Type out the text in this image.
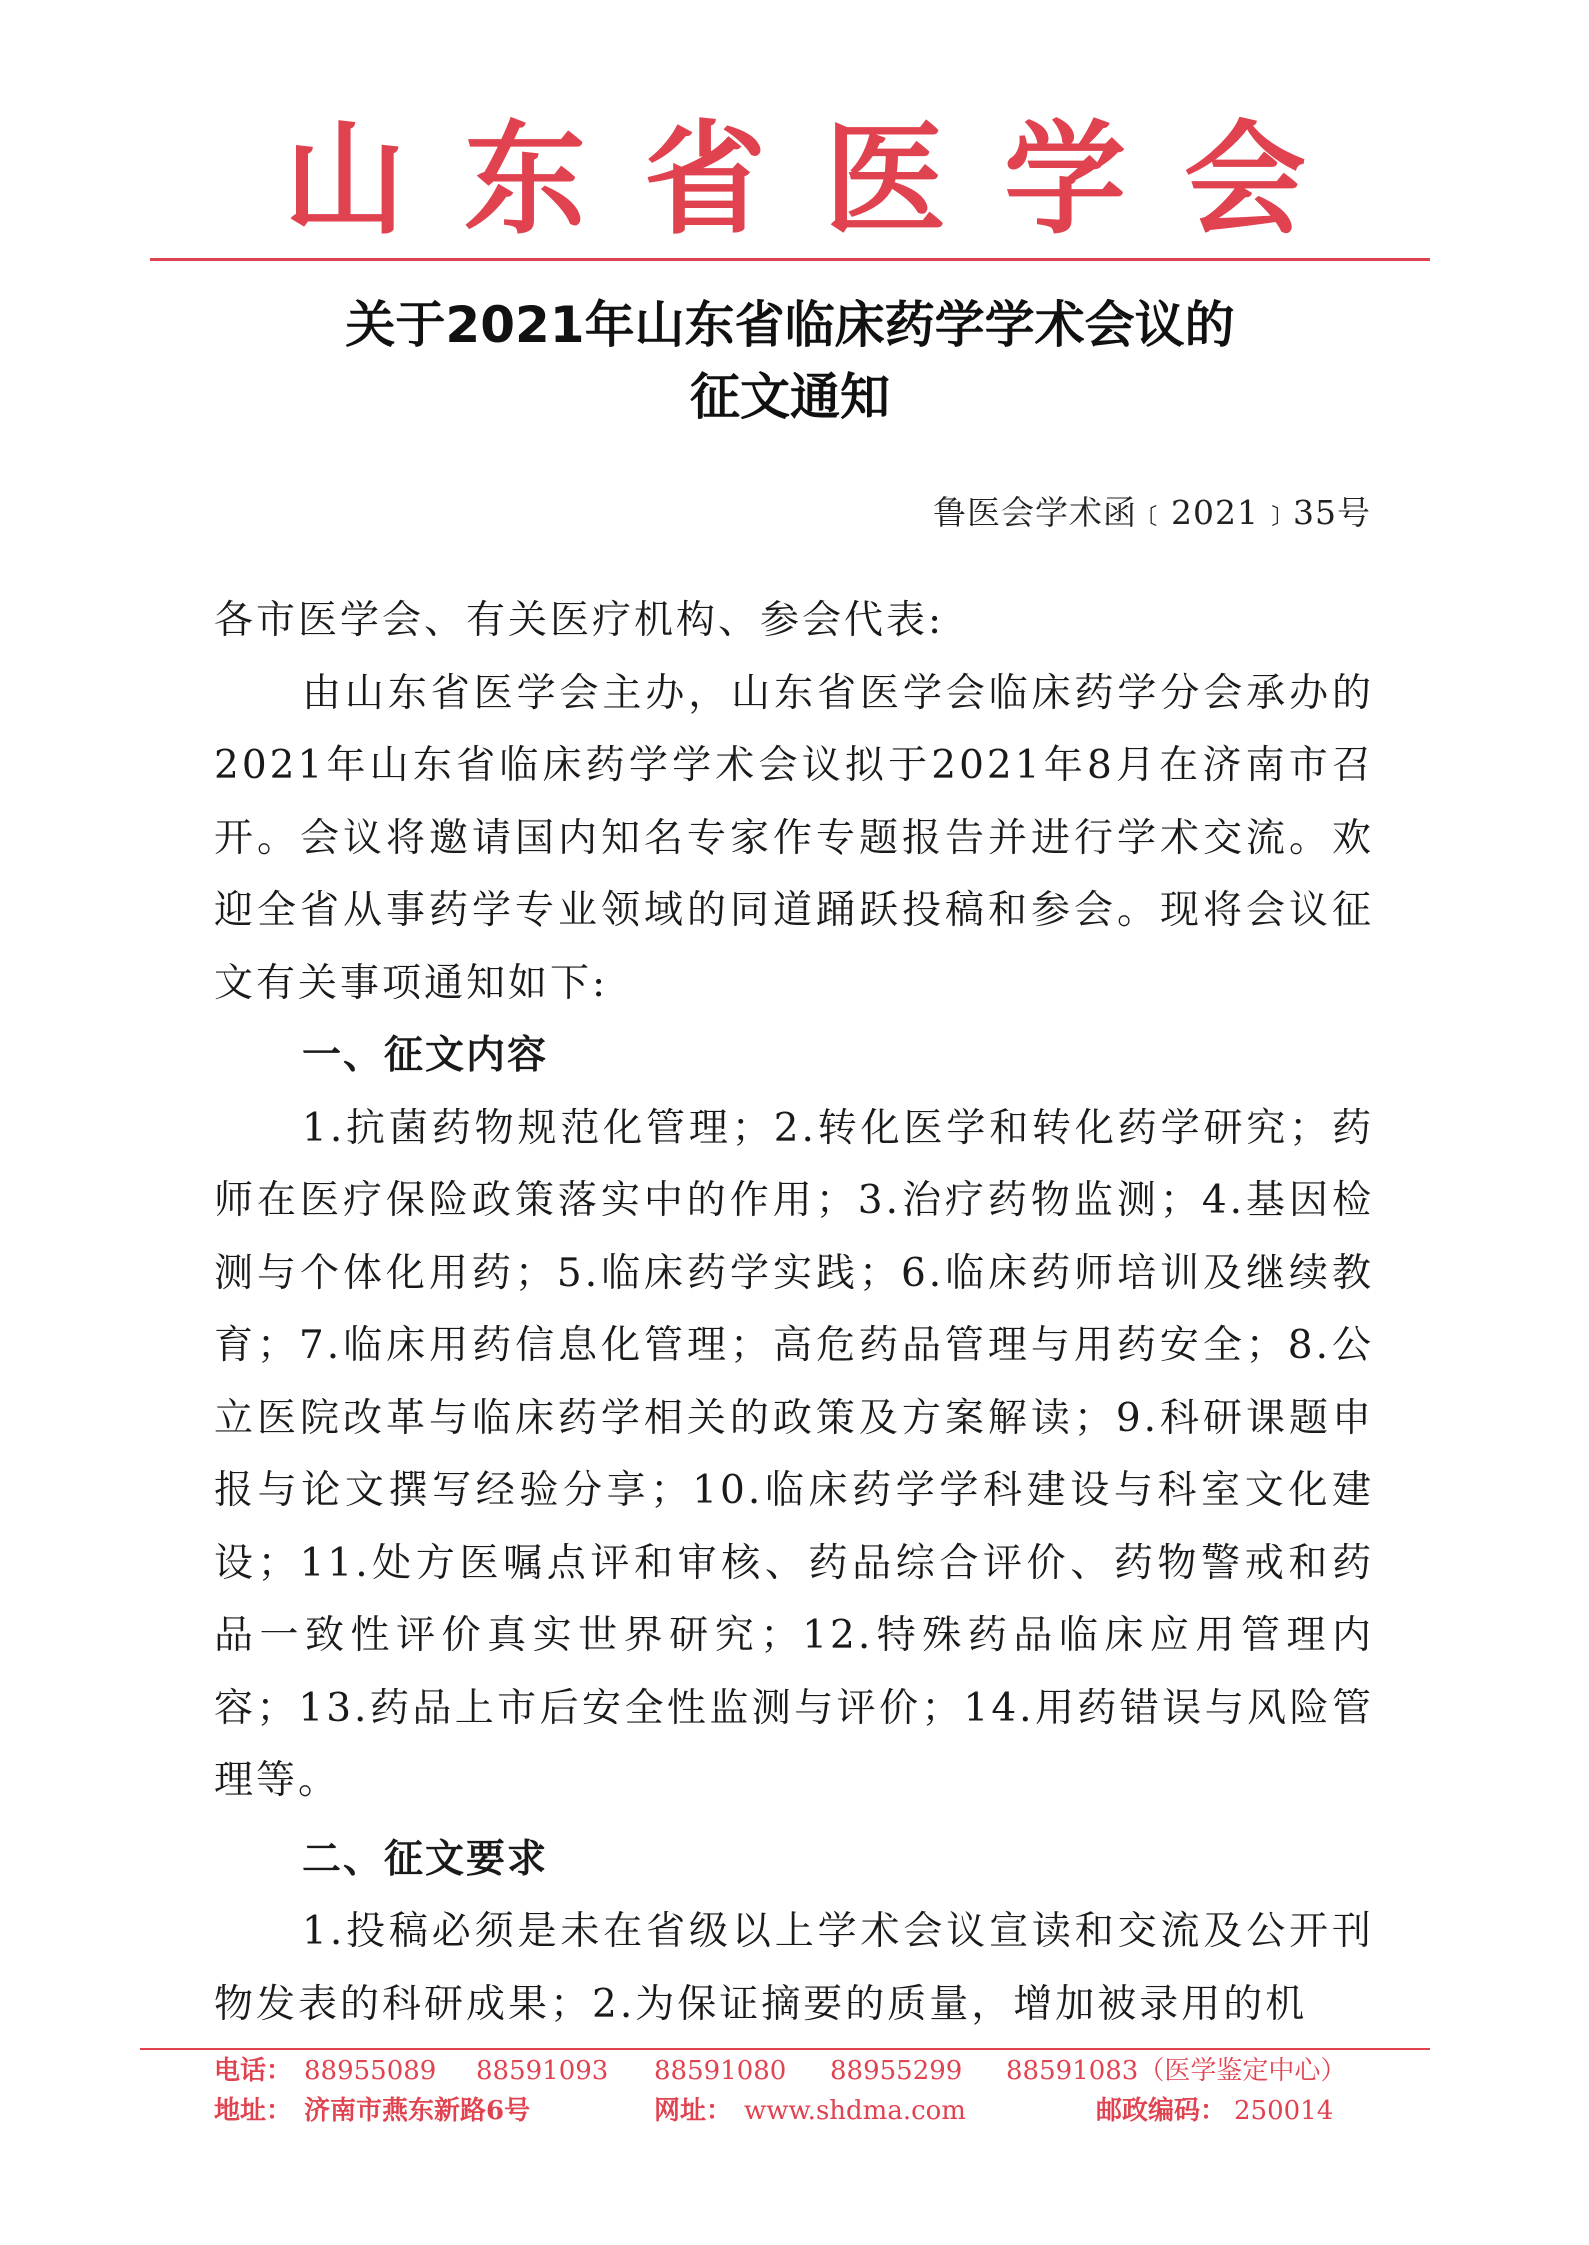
山东省医学会
关于2021年山东省临床药学学术会议的
征文通知
鲁医会学术函﹝2021﹞35号

各市医学会、有关医疗机构、参会代表:

由山东省医学会主办，山东省医学会临床药学分会承办的2021年山东省临床药学学术会议拟于2021年8月在济南市召开。会议将邀请国内知名专家作专题报告并进行学术交流。欢迎全省从事药学专业领域的同道踊跃投稿和参会。现将会议征文有关事项通知如下:

一、征文内容

1.抗菌药物规范化管理；2.转化医学和转化药学研究；药师在医疗保险政策落实中的作用；3.治疗药物监测；4.基因检测与个体化用药；5.临床药学实践；6.临床药师培训及继续教育；7.临床用药信息化管理；高危药品管理与用药安全；8.公立医院改革与临床药学相关的政策及方案解读；9.科研课题申报与论文撰写经验分享；10.临床药学学科建设与科室文化建设；11.处方医嘱点评和审核、药品综合评价、药物警戒和药品一致性评价真实世界研究；12.特殊药品临床应用管理内容；13.药品上市后安全性监测与评价；14.用药错误与风险管理等。

二、征文要求

1.投稿必须是未在省级以上学术会议宣读和交流及公开刊物发表的科研成果；2.为保证摘要的质量，增加被录用的机

电话： 88955089 88591093 88591080 88955299 88591083（医学鉴定中心）
地址： 济南市燕东新路6号	网址： www.shdma.com	邮政编码： 250014
